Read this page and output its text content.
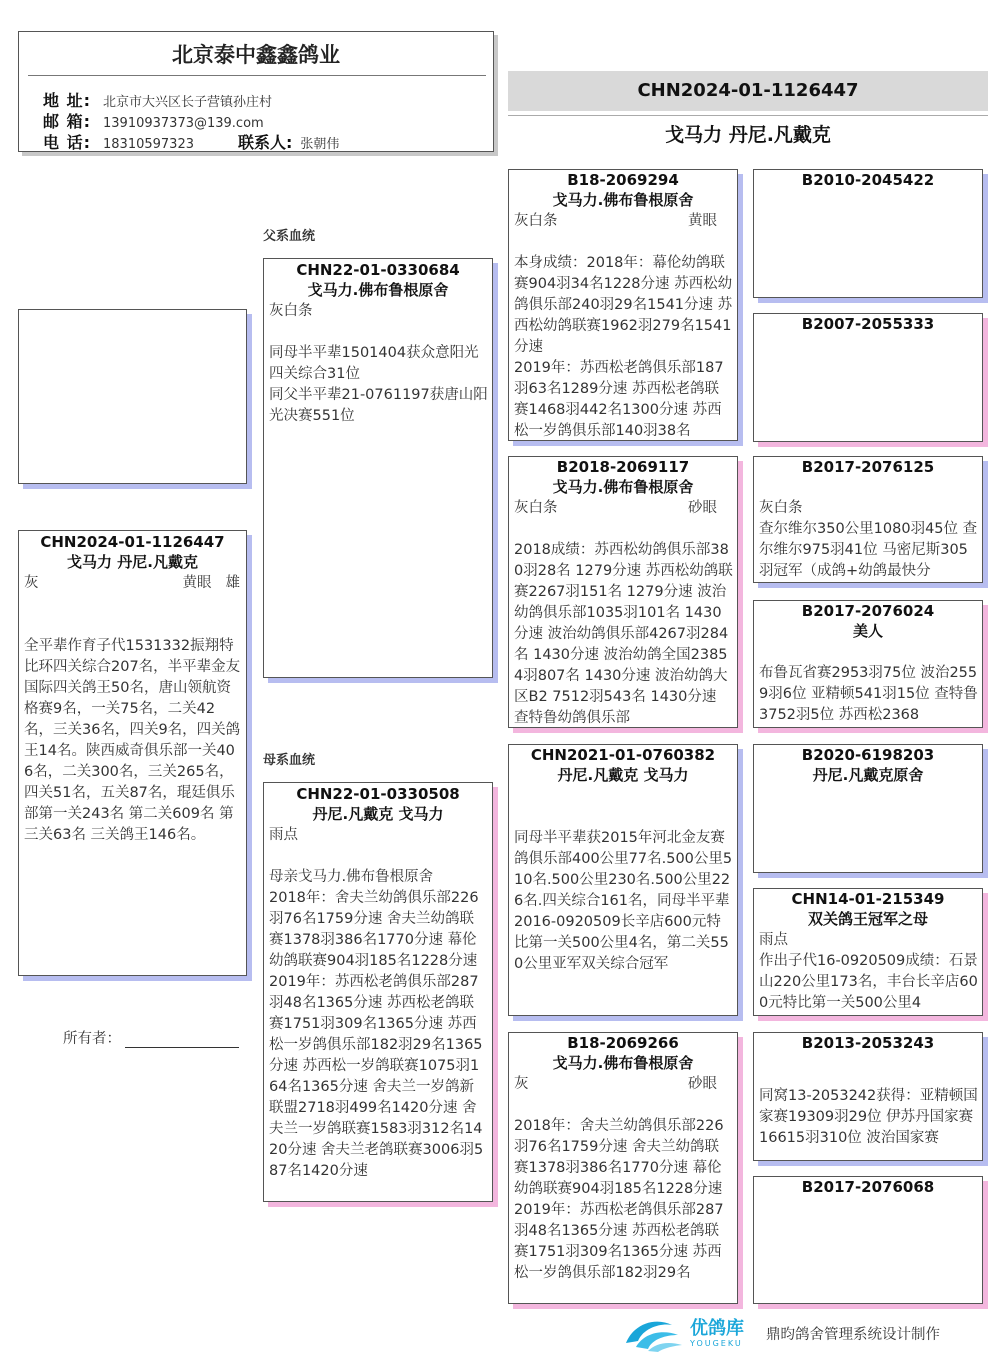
北京泰中鑫鑫鸽业
地 址: 北京市大兴区长子营镇孙庄村
邮 箱: 13910937373@139.com
电 话: 18310597323	联系人: 张朝伟
CHN2024-01-1126447
戈马力 丹尼.凡戴克
CHN2024-01-1126447
戈马力 丹尼.凡戴克
灰	黄眼 雄
全平辈作育子代1531332振翔特比环四关综合207名，半平辈金友国际四关鸽王50名，唐山领航资格赛9名，一关75名，二关42名，三关36名，四关9名，四关鸽王14名。陕西威奇俱乐部一关406名，二关300名，三关265名，四关51名，五关87名，琨廷俱乐部第一关243名 第二关609名 第三关63名 三关鸽王146名。
所有者：
父系血统
母系血统
CHN22-01-0330684
戈马力.佛布鲁根原舍
灰白条

同母半平辈1501404获众意阳光四关综合31位
同父半平辈21-0761197获唐山阳光决赛551位
CHN22-01-0330508
丹尼.凡戴克 戈马力
雨点

母亲戈马力.佛布鲁根原舍
2018年：舍夫兰幼鸽俱乐部226羽76名1759分速 舍夫兰幼鸽联赛1378羽386名1770分速 幕伦幼鸽联赛904羽185名1228分速
2019年：苏西松老鸽俱乐部287羽48名1365分速 苏西松老鸽联赛1751羽309名1365分速 苏西松一岁鸽俱乐部182羽29名1365分速 苏西松一岁鸽联赛1075羽164名1365分速 舍夫兰一岁鸽新联盟2718羽499名1420分速 舍夫兰一岁鸽联赛1583羽312名1420分速 舍夫兰老鸽联赛3006羽587名1420分速
B18-2069294
戈马力.佛布鲁根原舍
灰白条	黄眼

本身成绩：2018年：幕伦幼鸽联赛904羽34名1228分速 苏西松幼鸽俱乐部240羽29名1541分速 苏西松幼鸽联赛1962羽279名1541分速
2019年：苏西松老鸽俱乐部187羽63名1289分速 苏西松老鸽联赛1468羽442名1300分速 苏西松一岁鸽俱乐部140羽38名
B2018-2069117
戈马力.佛布鲁根原舍
灰白条	砂眼

2018成绩：苏西松幼鸽俱乐部380羽28名 1279分速 苏西松幼鸽联赛2267羽151名 1279分速 波治幼鸽俱乐部1035羽101名 1430分速 波治幼鸽俱乐部4267羽284名 1430分速 波治幼鸽全国23854羽807名 1430分速 波治幼鸽大区B2 7512羽543名 1430分速 查特鲁幼鸽俱乐部
CHN2021-01-0760382
丹尼.凡戴克 戈马力

同母半平辈获2015年河北金友赛鸽俱乐部400公里77名.500公里510名.500公里230名.500公里226名.四关综合161名，同母半平辈2016-0920509长辛店600元特比第一关500公里4名，第二关550公里亚军双关综合冠军
B18-2069266
戈马力.佛布鲁根原舍
灰	砂眼

2018年：舍夫兰幼鸽俱乐部226羽76名1759分速 舍夫兰幼鸽联赛1378羽386名1770分速 幕伦幼鸽联赛904羽185名1228分速
2019年：苏西松老鸽俱乐部287羽48名1365分速 苏西松老鸽联赛1751羽309名1365分速 苏西松一岁鸽俱乐部182羽29名
B2010-2045422
B2007-2055333
B2017-2076125
灰白条
查尔维尔350公里1080羽45位 查尔维尔975羽41位 马密尼斯305羽冠军（成鸽+幼鸽最快分
B2017-2076024
美人
布鲁瓦省赛2953羽75位 波治2559羽6位 亚精顿541羽15位 查特鲁3752羽5位 苏西松2368
B2020-6198203
丹尼.凡戴克原舍
CHN14-01-215349
双关鸽王冠军之母
雨点
作出子代16-0920509成绩：石景山220公里173名，丰台长辛店600元特比第一关500公里4
B2013-2053243
同窝13-2053242获得：亚精顿国家赛19309羽29位 伊苏丹国家赛16615羽310位 波治国家赛
B2017-2076068
优鸽库
YOUGEKU
鼎昀鸽舍管理系统设计制作
